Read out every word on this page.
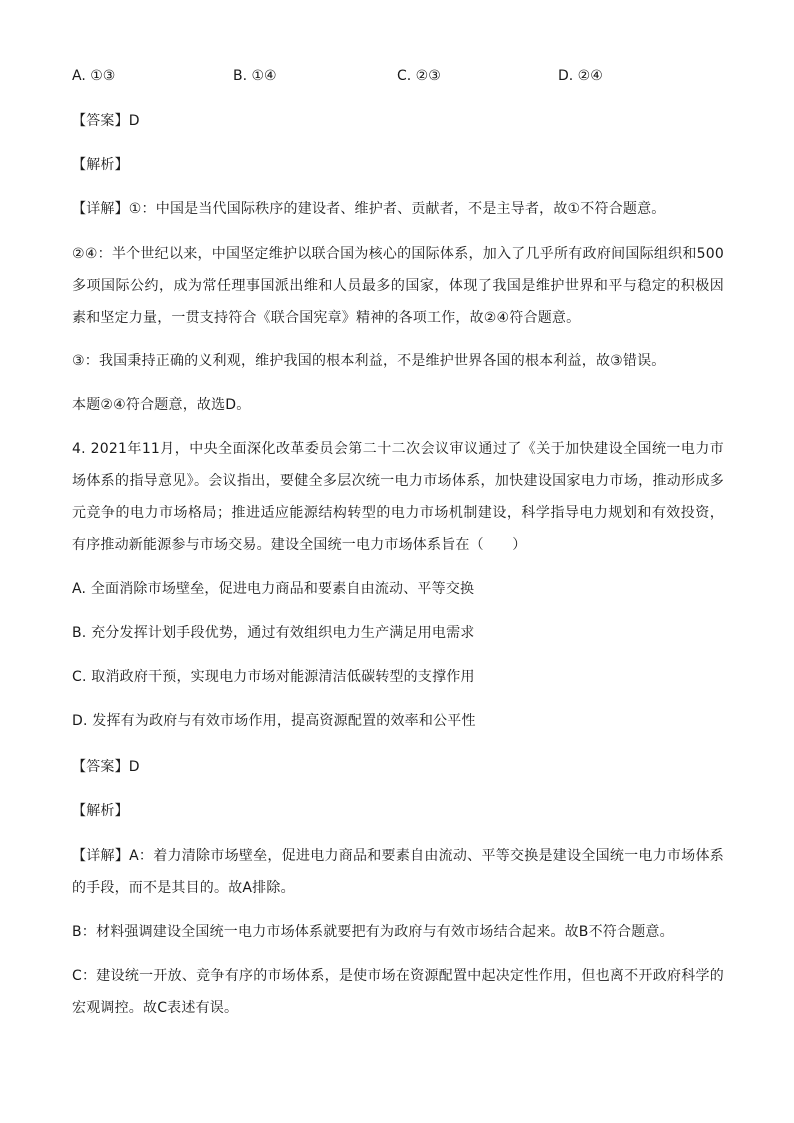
A. ①③	B. ①④	C. ②③	D. ②④
【答案】D
【解析】
【详解】①：中国是当代国际秩序的建设者、维护者、贡献者，不是主导者，故①不符合题意。
②④：半个世纪以来，中国坚定维护以联合国为核心的国际体系，加入了几乎所有政府间国际组织和500多项国际公约，成为常任理事国派出维和人员最多的国家，体现了我国是维护世界和平与稳定的积极因素和坚定力量，一贯支持符合《联合国宪章》精神的各项工作，故②④符合题意。
③：我国秉持正确的义利观，维护我国的根本利益，不是维护世界各国的根本利益，故③错误。
本题②④符合题意，故选D。
4. 2021年11月，中央全面深化改革委员会第二十二次会议审议通过了《关于加快建设全国统一电力市场体系的指导意见》。会议指出，要健全多层次统一电力市场体系，加快建设国家电力市场，推动形成多元竞争的电力市场格局；推进适应能源结构转型的电力市场机制建设，科学指导电力规划和有效投资，有序推动新能源参与市场交易。建设全国统一电力市场体系旨在（　　）
A. 全面消除市场壁垒，促进电力商品和要素自由流动、平等交换
B. 充分发挥计划手段优势，通过有效组织电力生产满足用电需求
C. 取消政府干预，实现电力市场对能源清洁低碳转型的支撑作用
D. 发挥有为政府与有效市场作用，提高资源配置的效率和公平性
【答案】D
【解析】
【详解】A：着力清除市场壁垒，促进电力商品和要素自由流动、平等交换是建设全国统一电力市场体系的手段，而不是其目的。故A排除。
B：材料强调建设全国统一电力市场体系就要把有为政府与有效市场结合起来。故B不符合题意。
C：建设统一开放、竞争有序的市场体系，是使市场在资源配置中起决定性作用，但也离不开政府科学的宏观调控。故C表述有误。
